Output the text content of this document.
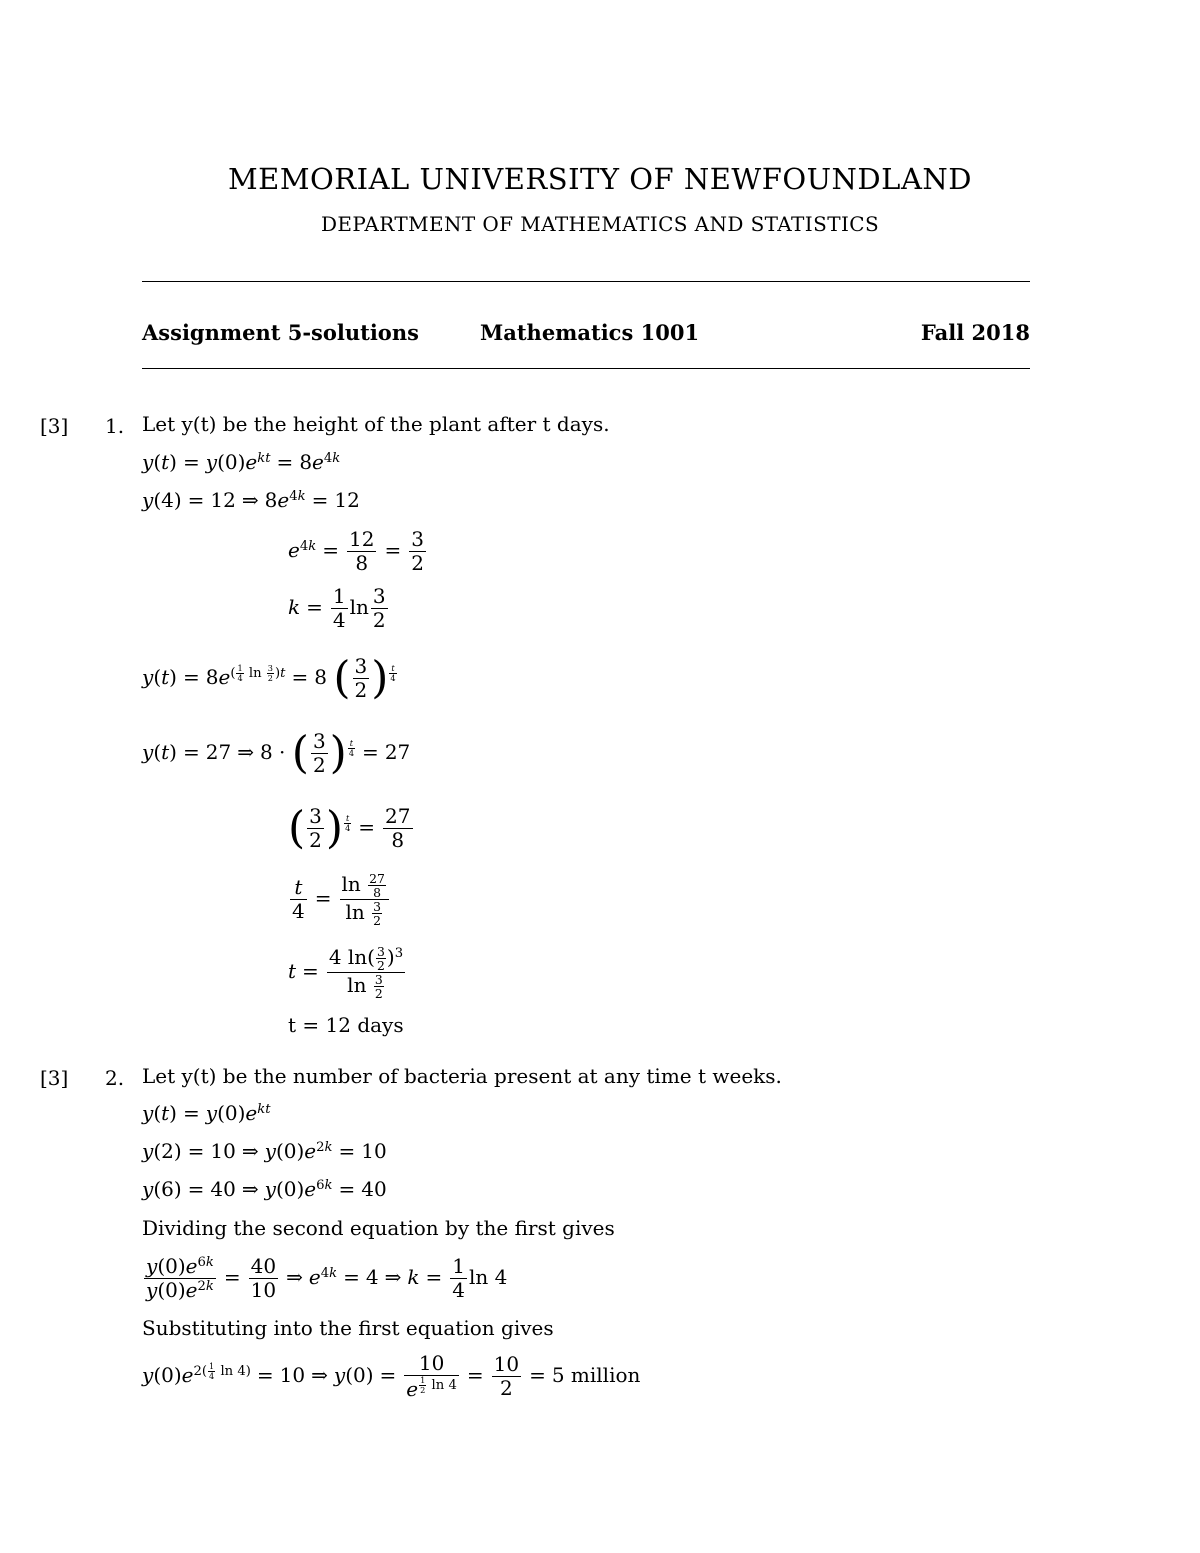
MEMORIAL UNIVERSITY OF NEWFOUNDLAND
DEPARTMENT OF MATHEMATICS AND STATISTICS
Assignment 5-solutions	Mathematics 1001	Fall 2018
[3] 1. Let y(t) be the height of the plant after t days.
$y(t) = y(0)e^{kt} = 8e^{4k}$
y(4) = 12 ⇒ $8e^{4k} = 12$
$e^{4k} = \frac{12}{8} = \frac{3}{2}$
$k = \frac{1}{4}$ $\ln \frac{3}{2}$
$y(t) = 8e^{( \frac{1}{4} ln \frac{3}{2} )t} = 8$ ( $\frac{3}{2}$ ) $^{\frac{t}{4}}$
y(t) = 27 ⇒ 8 · ( $\frac{3}{2}$ ) $^{\frac{t}{4}}$ = 27
( $\frac{3}{2}$ ) $^{\frac{t}{4}} = \frac{27}{8}$
$\frac{t}{4} = \frac{\ln \frac{27}{8}}{\ln \frac{3}{2}}$
$t = \frac{4 \ln( \frac{3}{2} )^3}{\ln \frac{3}{2}}$
t = 12 days
[3] 2. Let y(t) be the number of bacteria present at any time t weeks.
$y(t) = y(0)e^{kt}$
y(2) = 10 ⇒ $y(0)e^{2k} = 10$
y(6) = 40 ⇒ $y(0)e^{6k} = 40$
Dividing the second equation by the first gives
$\frac{y(0)e^{6k}}{y(0)e^{2k}} = \frac{40}{10}$ ⇒ $e^{4k} = 4$ ⇒ $k = \frac{1}{4}$ ln 4
Substituting into the first equation gives
$y(0)e^{2( \frac{1}{4} ln 4)} = 10$ ⇒ y(0) = 10
e $^{\frac{1}{2} ln 4} = \frac{10}{2} = 5$ million
